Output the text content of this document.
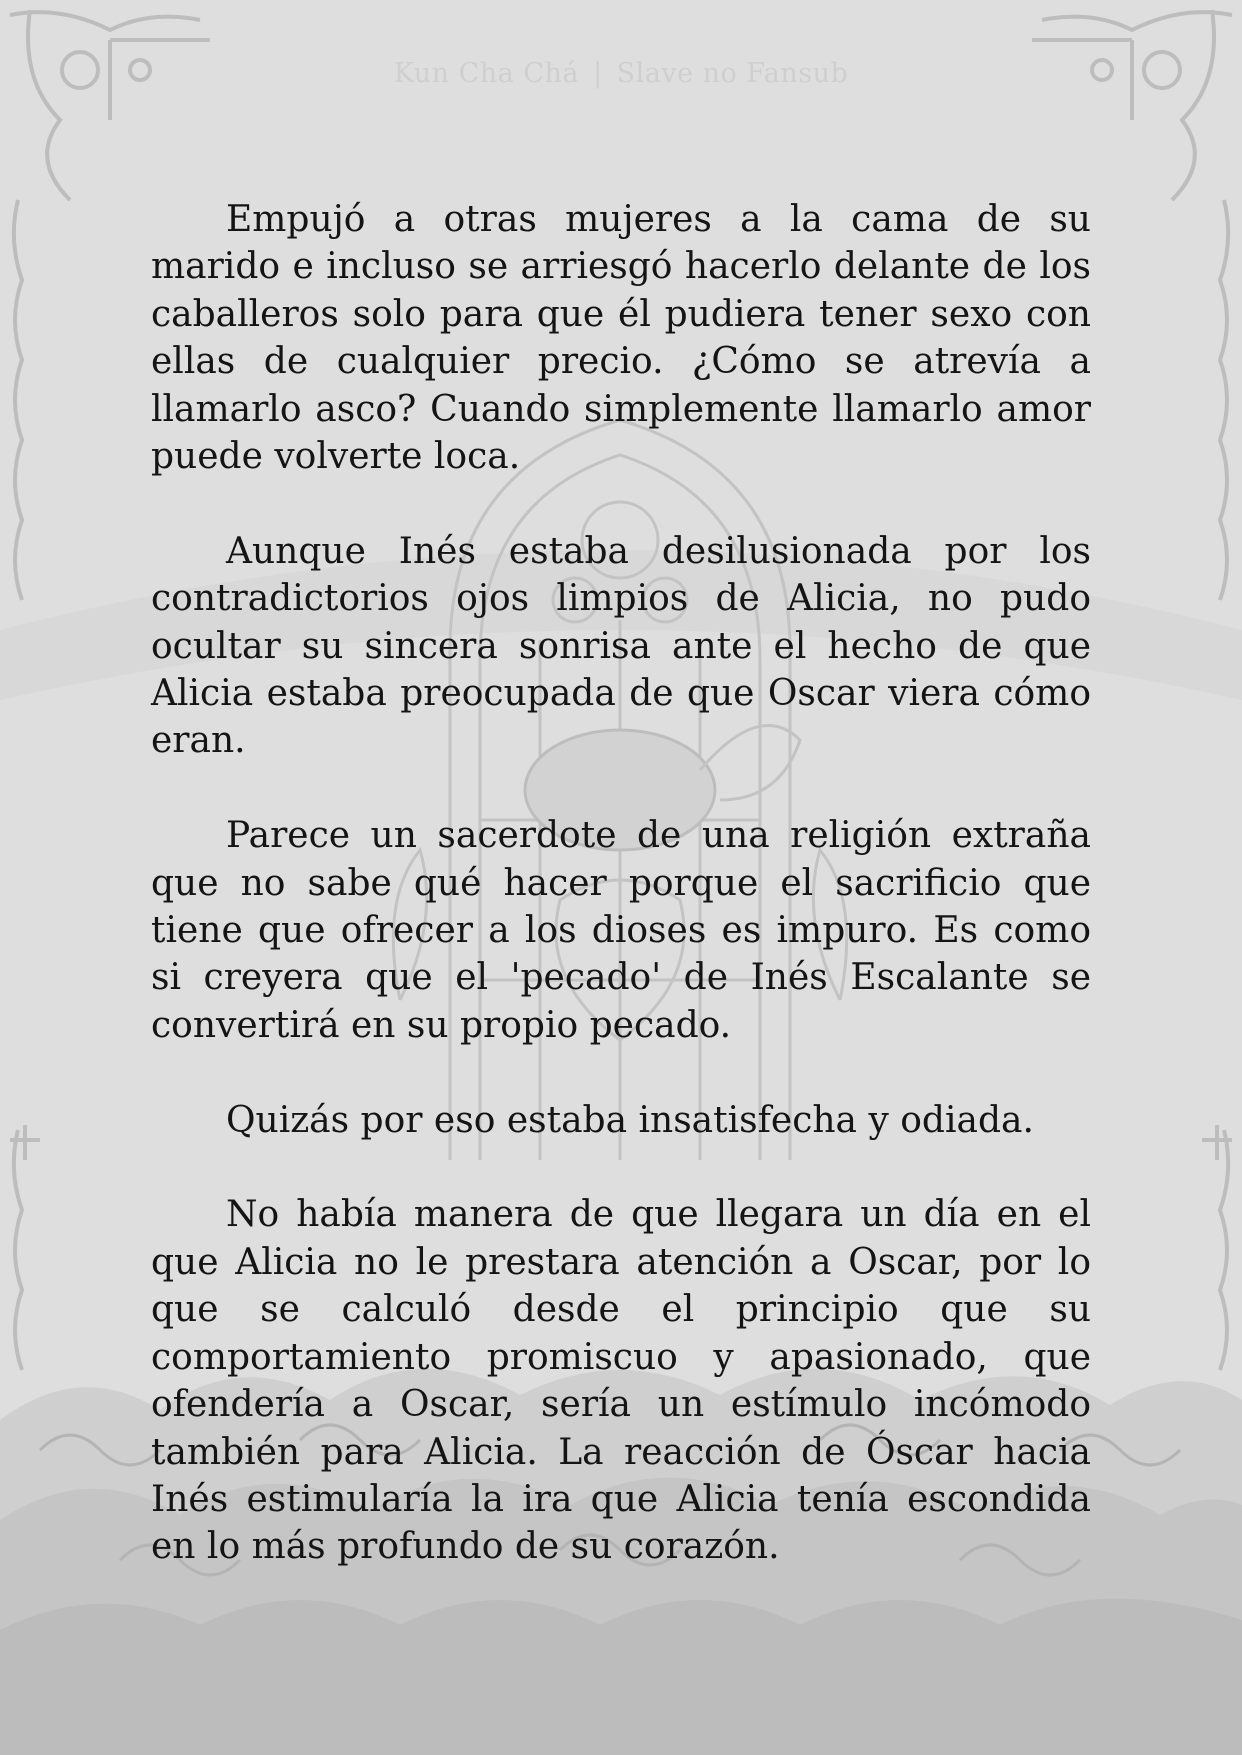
Kun Cha Chá | Slave no Fansub

Empujó a otras mujeres a la cama de su marido e incluso se arriesgó hacerlo delante de los caballeros solo para que él pudiera tener sexo con ellas de cualquier precio. ¿Cómo se atrevía a llamarlo asco? Cuando simplemente llamarlo amor puede volverte loca.

Aunque Inés estaba desilusionada por los contradictorios ojos limpios de Alicia, no pudo ocultar su sincera sonrisa ante el hecho de que Alicia estaba preocupada de que Oscar viera cómo eran.

Parece un sacerdote de una religión extraña que no sabe qué hacer porque el sacrificio que tiene que ofrecer a los dioses es impuro. Es como si creyera que el 'pecado' de Inés Escalante se convertirá en su propio pecado.

Quizás por eso estaba insatisfecha y odiada.

No había manera de que llegara un día en el que Alicia no le prestara atención a Oscar, por lo que se calculó desde el principio que su comportamiento promiscuo y apasionado, que ofendería a Oscar, sería un estímulo incómodo también para Alicia. La reacción de Óscar hacia Inés estimularía la ira que Alicia tenía escondida en lo más profundo de su corazón.
